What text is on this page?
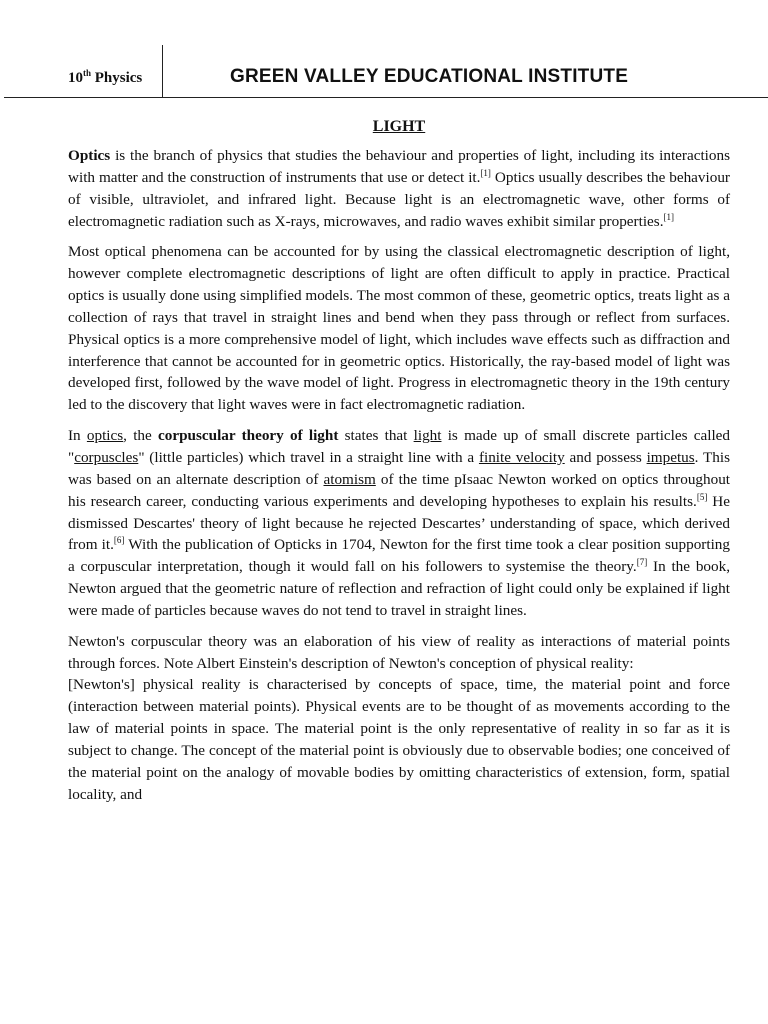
10th Physics	GREEN VALLEY EDUCATIONAL INSTITUTE
LIGHT

Optics is the branch of physics that studies the behaviour and properties of light, including its interactions with matter and the construction of instruments that use or detect it.[1] Optics usually describes the behaviour of visible, ultraviolet, and infrared light. Because light is an electromagnetic wave, other forms of electromagnetic radiation such as X-rays, microwaves, and radio waves exhibit similar properties.[1]

Most optical phenomena can be accounted for by using the classical electromagnetic description of light, however complete electromagnetic descriptions of light are often difficult to apply in practice. Practical optics is usually done using simplified models. The most common of these, geometric optics, treats light as a collection of rays that travel in straight lines and bend when they pass through or reflect from surfaces. Physical optics is a more comprehensive model of light, which includes wave effects such as diffraction and interference that cannot be accounted for in geometric optics. Historically, the ray-based model of light was developed first, followed by the wave model of light. Progress in electromagnetic theory in the 19th century led to the discovery that light waves were in fact electromagnetic radiation.

In optics, the corpuscular theory of light states that light is made up of small discrete particles called "corpuscles" (little particles) which travel in a straight line with a finite velocity and possess impetus. This was based on an alternate description of atomism of the time pIsaac Newton worked on optics throughout his research career, conducting various experiments and developing hypotheses to explain his results.[5] He dismissed Descartes' theory of light because he rejected Descartes’ understanding of space, which derived from it.[6] With the publication of Opticks in 1704, Newton for the first time took a clear position supporting a corpuscular interpretation, though it would fall on his followers to systemise the theory.[7] In the book, Newton argued that the geometric nature of reflection and refraction of light could only be explained if light were made of particles because waves do not tend to travel in straight lines.

Newton's corpuscular theory was an elaboration of his view of reality as interactions of material points through forces. Note Albert Einstein's description of Newton's conception of physical reality:

[Newton's] physical reality is characterised by concepts of space, time, the material point and force (interaction between material points). Physical events are to be thought of as movements according to the law of material points in space. The material point is the only representative of reality in so far as it is subject to change. The concept of the material point is obviously due to observable bodies; one conceived of the material point on the analogy of movable bodies by omitting characteristics of extension, form, spatial locality, and
